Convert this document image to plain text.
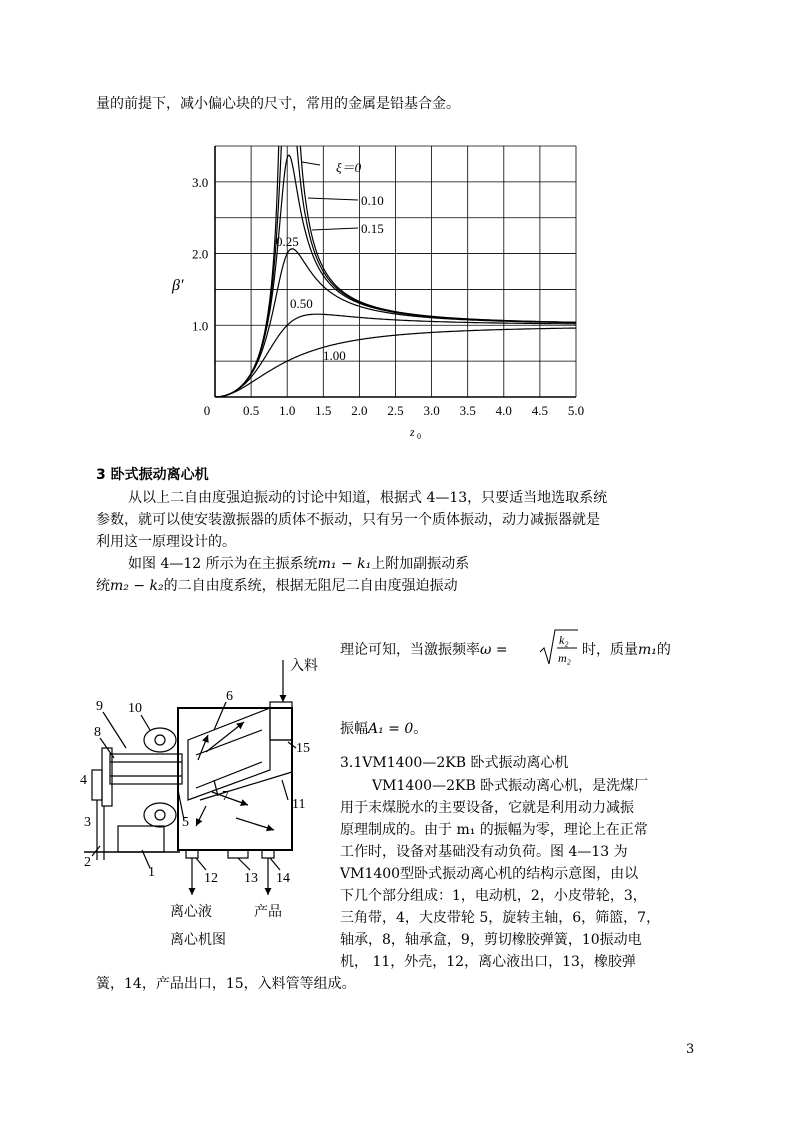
量的前提下，减小偏心块的尺寸，常用的金属是铅基合金。
0	0.5 1.0 1.5 2.0 2.5 3.0 3.5 4.0 4.5 5.0
1.0
2.0
3.0
ξ＝0
0.10
0.15
0.25
0.50
1.00
β′
z 0
3 卧式振动离心机
从以上二自由度强迫振动的讨论中知道，根据式 4—13，只要适当地选取系统
参数，就可以使安装激振器的质体不振动，只有另一个质体振动，动力减振器就是
利用这一原理设计的。
如图 4—12 所示为在主振系统m₁ − k₁上附加副振动系
统m₂ − k₂的二自由度系统，根据无阻尼二自由度强迫振动
理论可知，当激振频率ω =
k₂
m₂ 时，质量m₁的
振幅A₁ = 0。
3.1VM1400—2KB 卧式振动离心机
VM1400—2KB 卧式振动离心机，是洗煤厂
用于末煤脱水的主要设备，它就是利用动力减振
原理制成的。由于 m₁ 的振幅为零，理论上在正常
工作时，设备对基础没有动负荷。图 4—13 为
VM1400型卧式振动离心机的结构示意图，由以
下几个部分组成：1，电动机，2，小皮带轮，3，
三角带，4，大皮带轮 5，旋转主轴，6，筛篮，7，
轴承，8，轴承盒，9，剪切橡胶弹簧，10振动电
机， 11，外壳，12，离心液出口，13，橡胶弹
簧，14，产品出口，15，入料管等组成。
9 10
8
6
15
4
7
11
3	5
2
1	12 13 14
入料
离心液	产品
离心机图
3
